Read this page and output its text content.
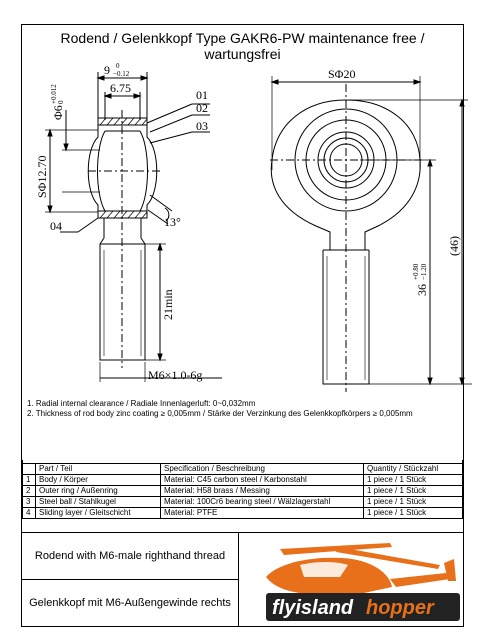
Rodend / Gelenkkopf Type GAKR6-PW maintenance free / wartungsfrei
9 0
−0.12
6.75	01
02
03
04	13°
M6×1.0-6g
SΦ20
Φ6
+0.012 0
SΦ12.70
21min	36
+0.80 −1.20
(46)
1. Radial internal clearance / Radiale Innenlagerluft: 0~0,032mm
2. Thickness of rod body zinc coating ≥ 0,005mm / Stärke der Verzinkung des Gelenkkopfkörpers ≥ 0,005mm

	Part / Teil	Specification / Beschreibung	Quantity / Stückzahl
1	Body / Körper	Material: C45 carbon steel / Karbonstahl	1 piece / 1 Stück
2	Outer ring / Außenring	Material: H58 brass / Messing	1 piece / 1 Stück
3	Steel ball / Stahlkugel	Material: 100Cr6 bearing steel / Wälzlagerstahl	1 piece / 1 Stück
4	Sliding layer / Gleitschicht	Material: PTFE	1 piece / 1 Stück
Rodend with M6-male righthand thread
Gelenkkopf mit M6-Außengewinde rechts	flyisland hopper
